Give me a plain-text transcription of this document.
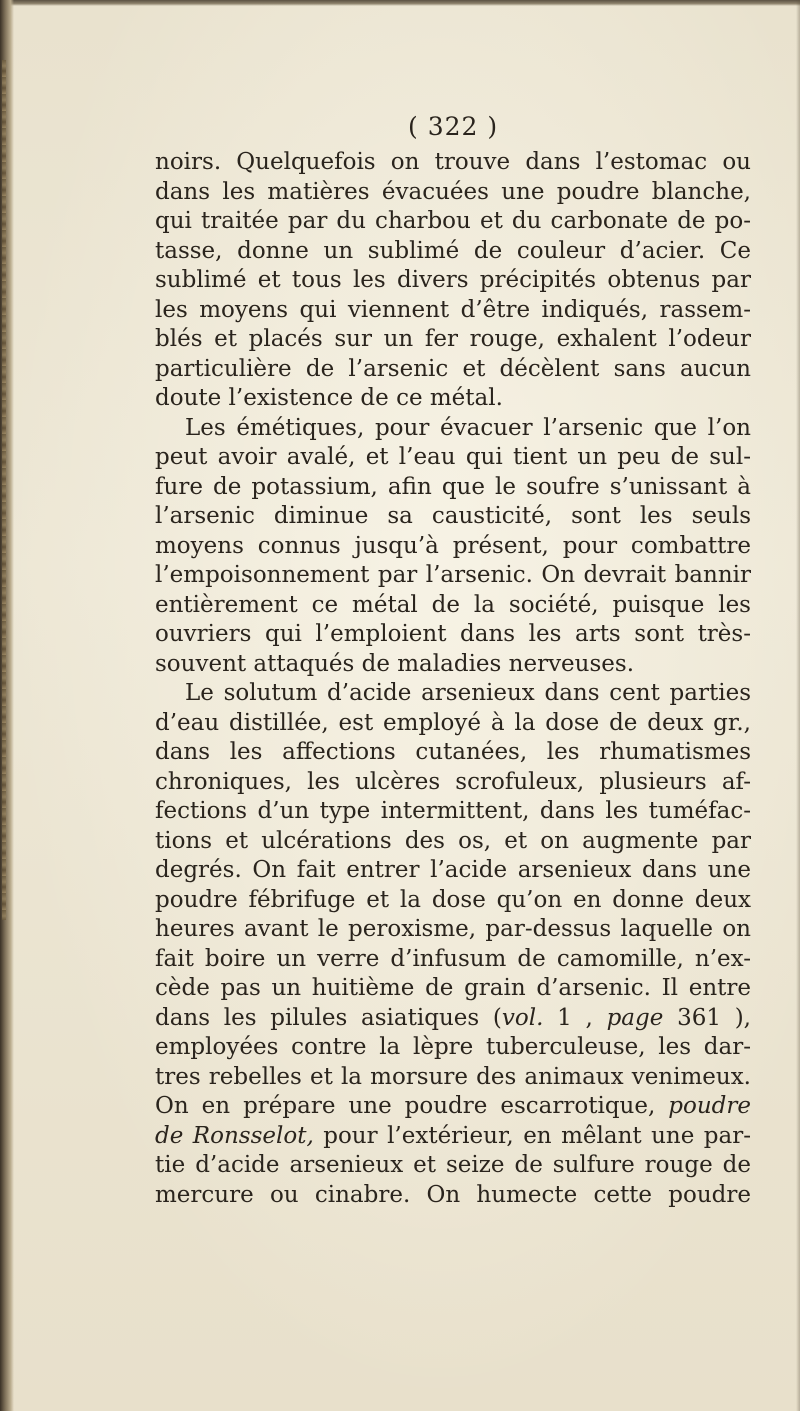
( 322 )
noirs. Quelquefois on trouve dans l’estomac ou
dans les matières évacuées une poudre blanche,
qui traitée par du charbou et du carbonate de po-
tasse, donne un sublimé de couleur d’acier. Ce
sublimé et tous les divers précipités obtenus par
les moyens qui viennent d’être indiqués, rassem-
blés et placés sur un fer rouge, exhalent l’odeur
particulière de l’arsenic et décèlent sans aucun
doute l’existence de ce métal.
Les émétiques, pour évacuer l’arsenic que l’on
peut avoir avalé, et l’eau qui tient un peu de sul-
fure de potassium, afin que le soufre s’unissant à
l’arsenic diminue sa causticité, sont les seuls
moyens connus jusqu’à présent, pour combattre
l’empoisonnement par l’arsenic. On devrait bannir
entièrement ce métal de la société, puisque les
ouvriers qui l’emploient dans les arts sont très-
souvent attaqués de maladies nerveuses.
Le solutum d’acide arsenieux dans cent parties
d’eau distillée, est employé à la dose de deux gr.,
dans les affections cutanées, les rhumatismes
chroniques, les ulcères scrofuleux, plusieurs af-
fections d’un type intermittent, dans les tuméfac-
tions et ulcérations des os, et on augmente par
degrés. On fait entrer l’acide arsenieux dans une
poudre fébrifuge et la dose qu’on en donne deux
heures avant le peroxisme, par-dessus laquelle on
fait boire un verre d’infusum de camomille, n’ex-
cède pas un huitième de grain d’arsenic. Il entre
dans les pilules asiatiques (vol. 1 , page 361 ),
employées contre la lèpre tuberculeuse, les dar-
tres rebelles et la morsure des animaux venimeux.
On en prépare une poudre escarrotique, poudre
de Ronsselot, pour l’extérieur, en mêlant une par-
tie d’acide arsenieux et seize de sulfure rouge de
mercure ou cinabre. On humecte cette poudre
